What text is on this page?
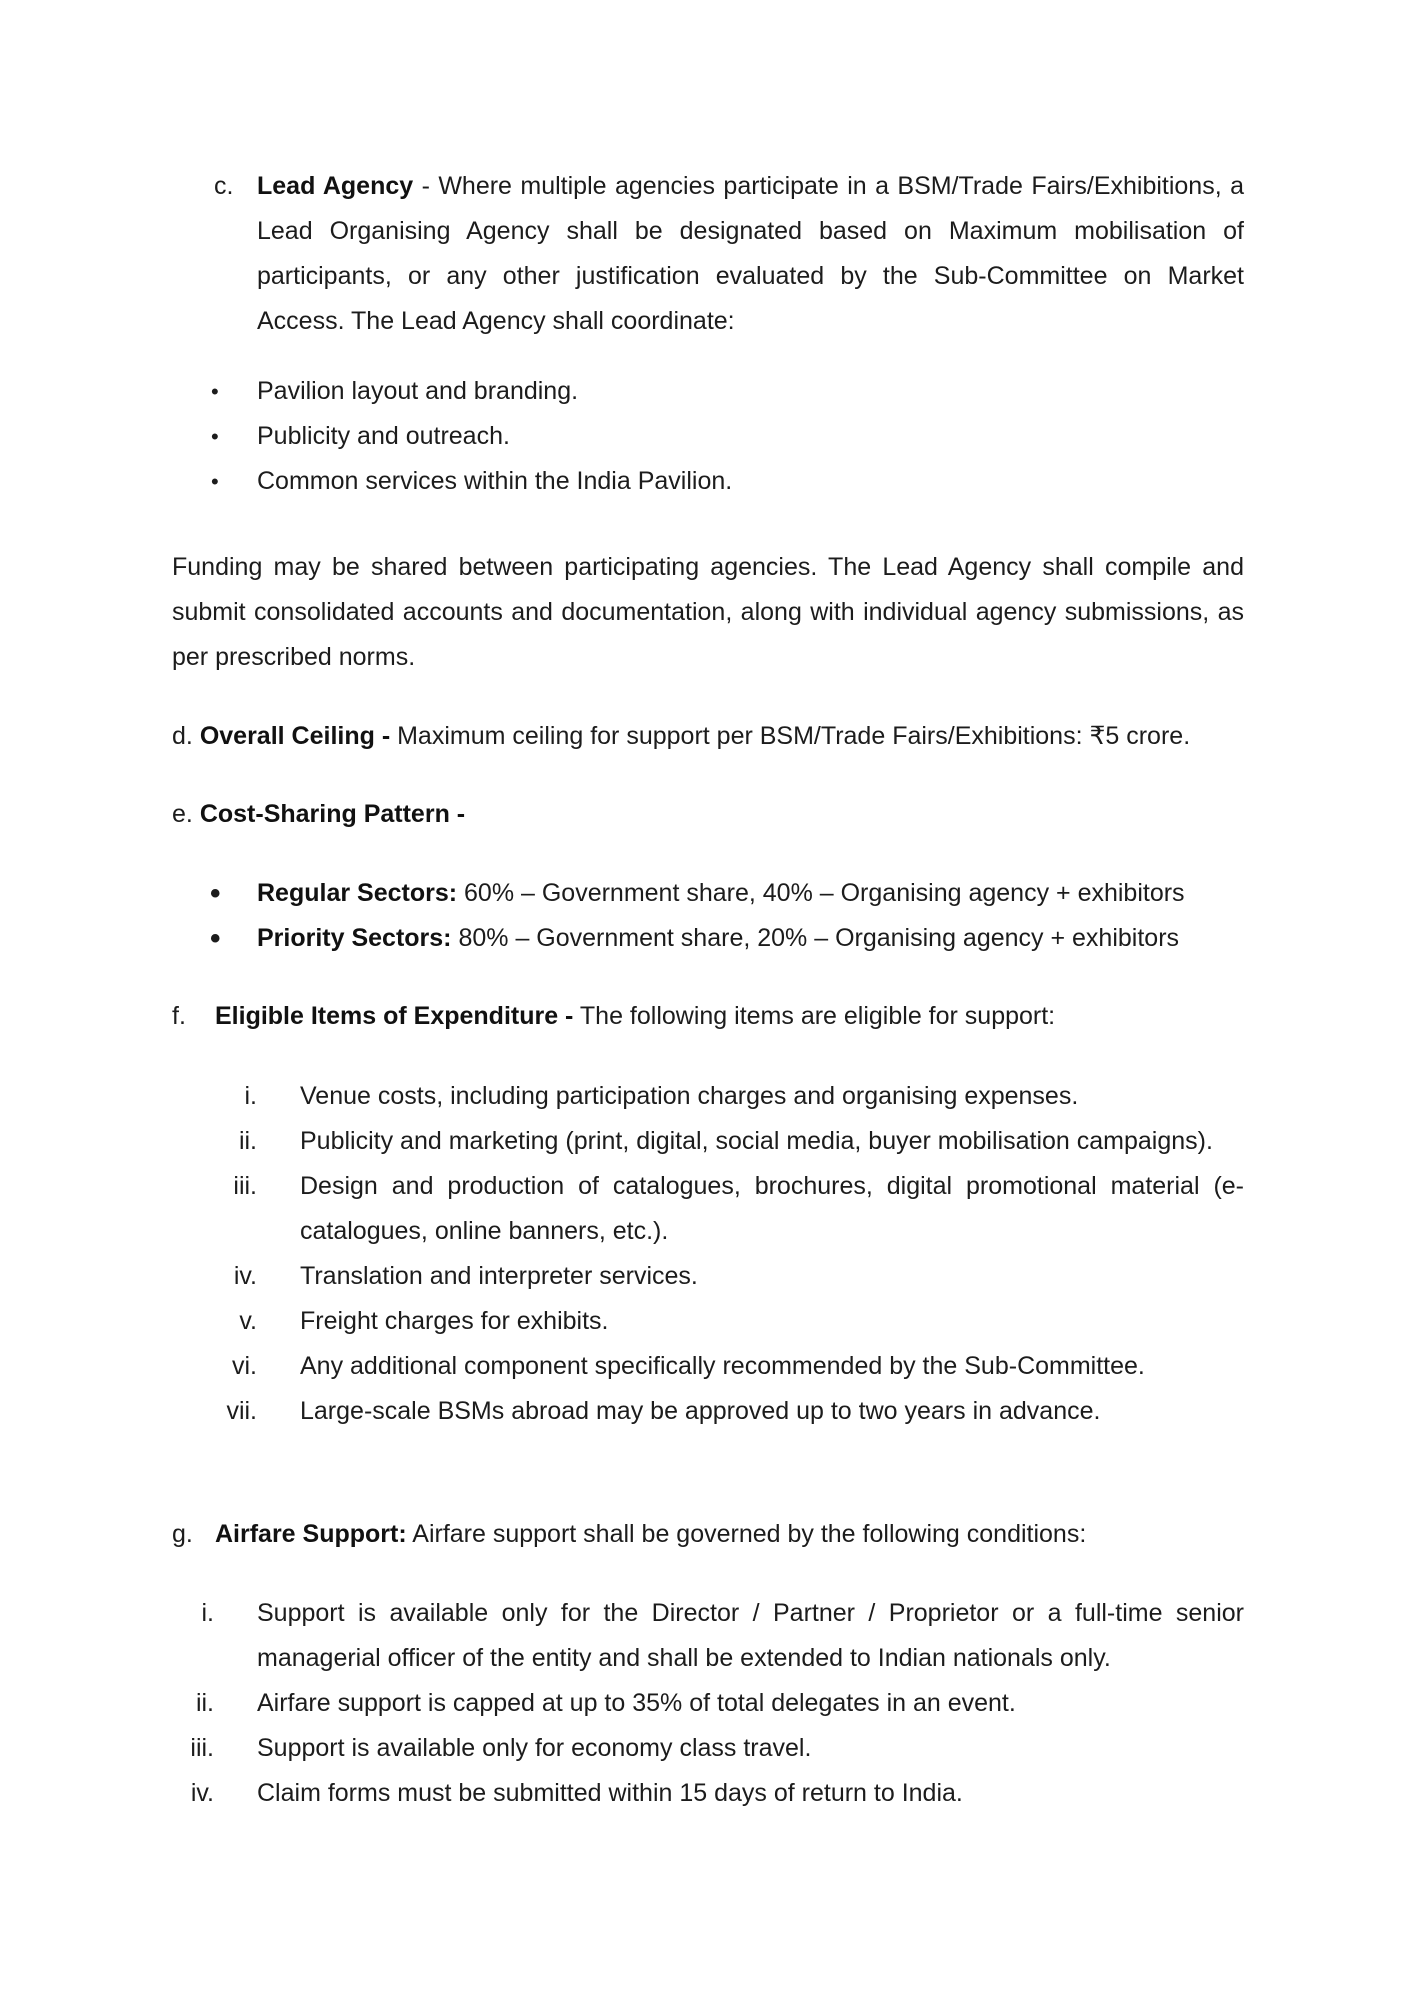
c. Lead Agency - Where multiple agencies participate in a BSM/Trade Fairs/Exhibitions, a Lead Organising Agency shall be designated based on Maximum mobilisation of participants, or any other justification evaluated by the Sub-Committee on Market Access. The Lead Agency shall coordinate:
• Pavilion layout and branding.
• Publicity and outreach.
• Common services within the India Pavilion.
Funding may be shared between participating agencies. The Lead Agency shall compile and submit consolidated accounts and documentation, along with individual agency submissions, as per prescribed norms.
d. Overall Ceiling - Maximum ceiling for support per BSM/Trade Fairs/Exhibitions: ₹5 crore.
e. Cost-Sharing Pattern -
• Regular Sectors: 60% – Government share, 40% – Organising agency + exhibitors
• Priority Sectors: 80% – Government share, 20% – Organising agency + exhibitors
f. Eligible Items of Expenditure - The following items are eligible for support:
i. Venue costs, including participation charges and organising expenses.
ii. Publicity and marketing (print, digital, social media, buyer mobilisation campaigns).
iii. Design and production of catalogues, brochures, digital promotional material (e-catalogues, online banners, etc.).
iv. Translation and interpreter services.
v. Freight charges for exhibits.
vi. Any additional component specifically recommended by the Sub-Committee.
vii. Large-scale BSMs abroad may be approved up to two years in advance.
g. Airfare Support: Airfare support shall be governed by the following conditions:
i. Support is available only for the Director / Partner / Proprietor or a full-time senior managerial officer of the entity and shall be extended to Indian nationals only.
ii. Airfare support is capped at up to 35% of total delegates in an event.
iii. Support is available only for economy class travel.
iv. Claim forms must be submitted within 15 days of return to India.
